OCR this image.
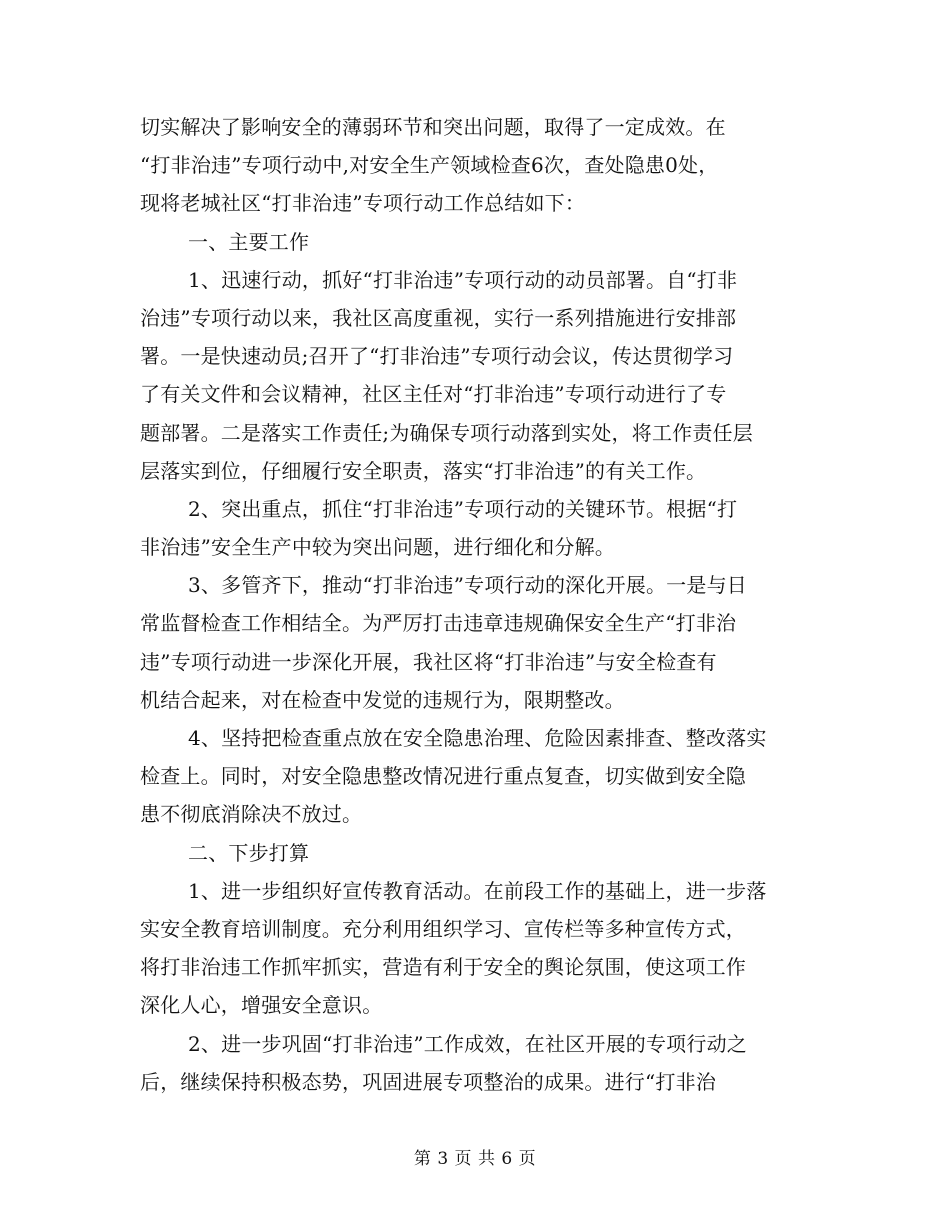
切实解决了影响安全的薄弱环节和突出问题，取得了一定成效。在
“打非治违”专项行动中,对安全生产领域检查6次，查处隐患0处，
现将老城社区“打非治违”专项行动工作总结如下：
一、主要工作
1、迅速行动，抓好“打非治违”专项行动的动员部署。自“打非
治违”专项行动以来，我社区高度重视，实行一系列措施进行安排部
署。一是快速动员;召开了“打非治违”专项行动会议，传达贯彻学习
了有关文件和会议精神，社区主任对“打非治违”专项行动进行了专
题部署。二是落实工作责任;为确保专项行动落到实处，将工作责任层
层落实到位，仔细履行安全职责，落实“打非治违”的有关工作。
2、突出重点，抓住“打非治违”专项行动的关键环节。根据“打
非治违”安全生产中较为突出问题，进行细化和分解。
3、多管齐下，推动“打非治违”专项行动的深化开展。一是与日
常监督检查工作相结全。为严厉打击违章违规确保安全生产“打非治
违”专项行动进一步深化开展，我社区将“打非治违”与安全检查有
机结合起来，对在检查中发觉的违规行为，限期整改。
4、坚持把检查重点放在安全隐患治理、危险因素排查、整改落实
检查上。同时，对安全隐患整改情况进行重点复查，切实做到安全隐
患不彻底消除决不放过。
二、下步打算
1、进一步组织好宣传教育活动。在前段工作的基础上，进一步落
实安全教育培训制度。充分利用组织学习、宣传栏等多种宣传方式，
将打非治违工作抓牢抓实，营造有利于安全的舆论氛围，使这项工作
深化人心，增强安全意识。
2、进一步巩固“打非治违”工作成效，在社区开展的专项行动之
后，继续保持积极态势，巩固进展专项整治的成果。进行“打非治
第 3 页 共 6 页
